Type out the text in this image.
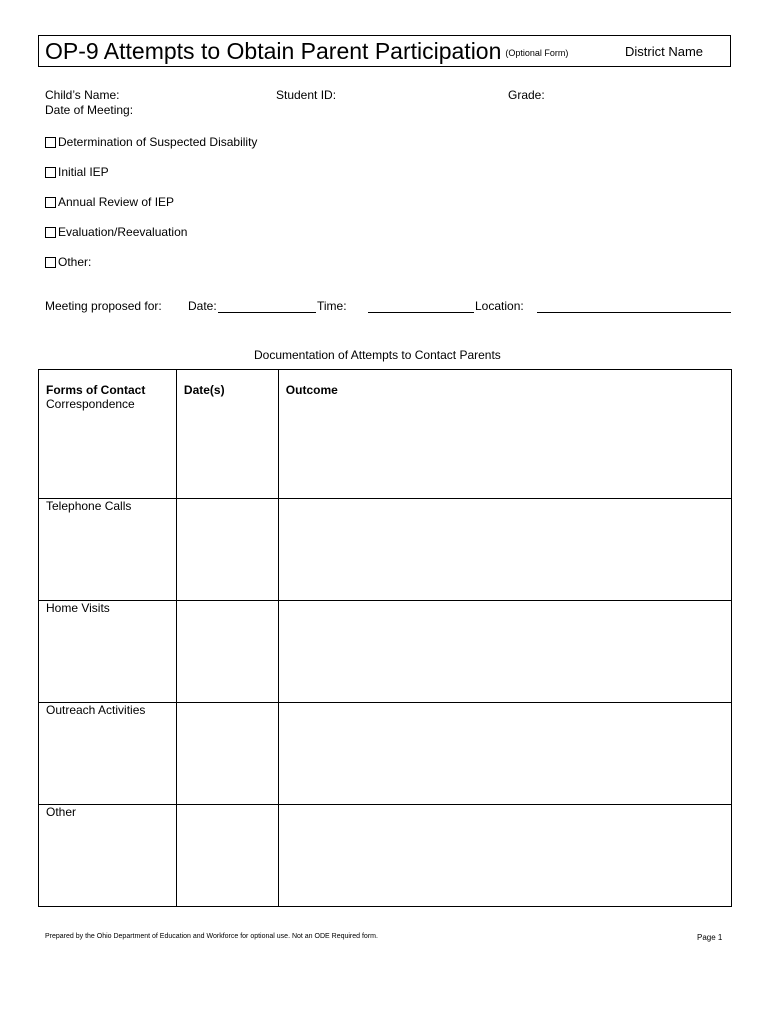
OP-9 Attempts to Obtain Parent Participation (Optional Form)	District Name
Child’s Name:	Student ID:	Grade:
Date of Meeting:
Determination of Suspected Disability
Initial IEP
Annual Review of IEP
Evaluation/Reevaluation
Other:
Meeting proposed for: Date:	Time:	Location:
Documentation of Attempts to Contact Parents
Forms of Contact	Date(s)	Outcome
Correspondence		
Telephone Calls		
Home Visits		
Outreach Activities		
Other		
Prepared by the Ohio Department of Education and Workforce for optional use. Not an ODE Required form.	Page 1
